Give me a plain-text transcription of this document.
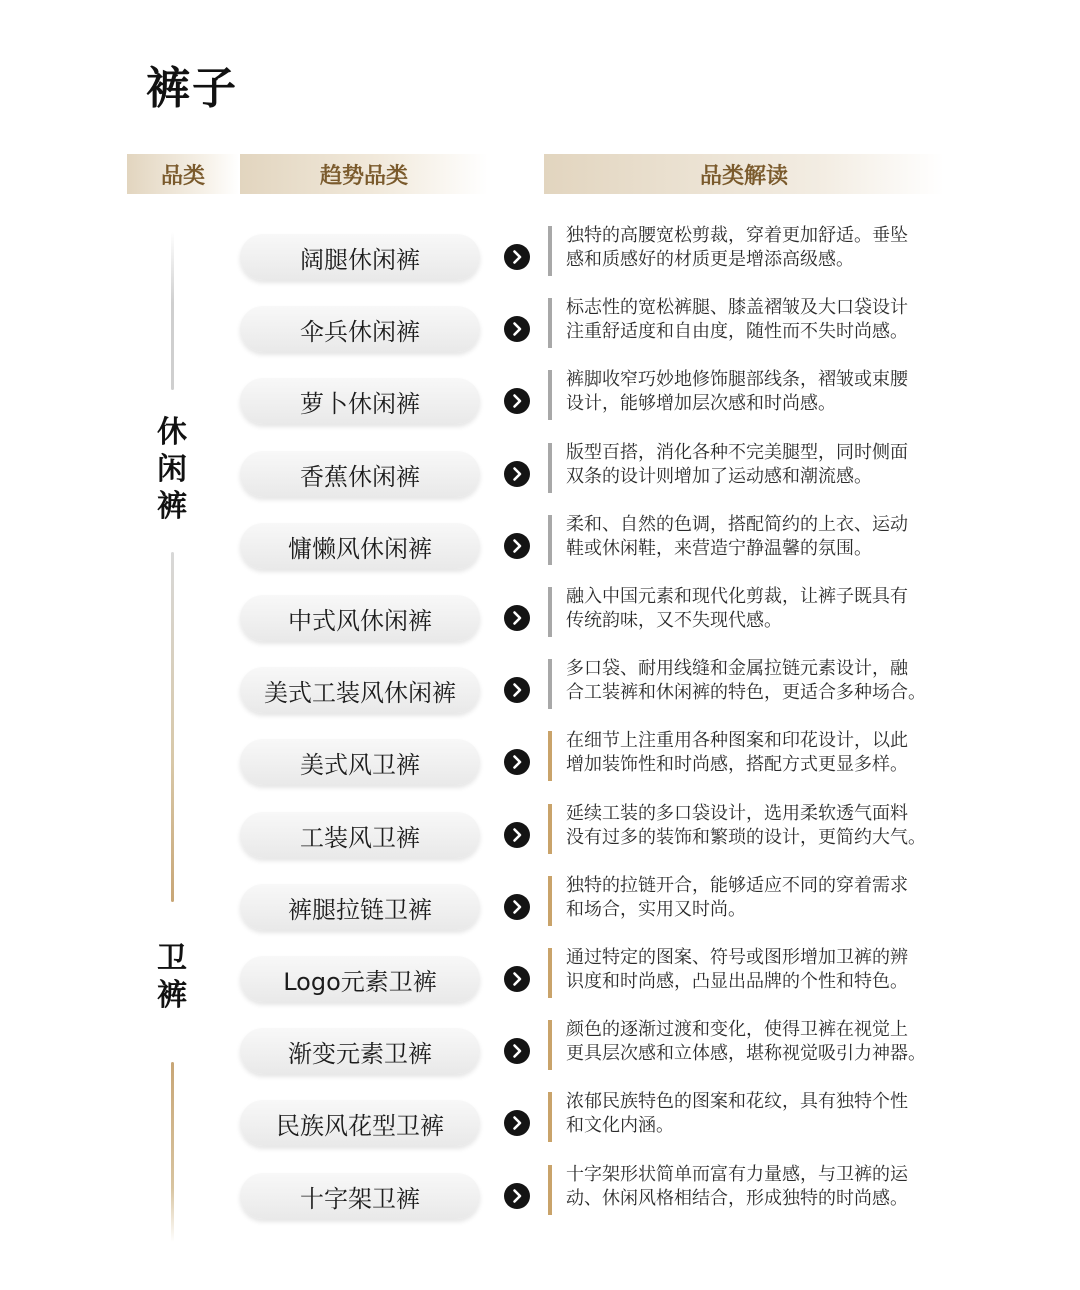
裤子
品类	趋势品类	品类解读
休
闲
裤
卫
裤
阔腿休闲裤
独特的高腰宽松剪裁，穿着更加舒适。垂坠
感和质感好的材质更是增添高级感。
伞兵休闲裤
标志性的宽松裤腿、膝盖褶皱及大口袋设计
注重舒适度和自由度，随性而不失时尚感。
萝卜休闲裤
裤脚收窄巧妙地修饰腿部线条，褶皱或束腰
设计，能够增加层次感和时尚感。
香蕉休闲裤
版型百搭，消化各种不完美腿型，同时侧面
双条的设计则增加了运动感和潮流感。
慵懒风休闲裤
柔和、自然的色调，搭配简约的上衣、运动
鞋或休闲鞋，来营造宁静温馨的氛围。
中式风休闲裤
融入中国元素和现代化剪裁，让裤子既具有
传统韵味，又不失现代感。
美式工装风休闲裤
多口袋、耐用线缝和金属拉链元素设计，融
合工装裤和休闲裤的特色，更适合多种场合。
美式风卫裤
在细节上注重用各种图案和印花设计，以此
增加装饰性和时尚感，搭配方式更显多样。
工装风卫裤
延续工装的多口袋设计，选用柔软透气面料
没有过多的装饰和繁琐的设计，更简约大气。
裤腿拉链卫裤
独特的拉链开合，能够适应不同的穿着需求
和场合，实用又时尚。
Logo元素卫裤
通过特定的图案、符号或图形增加卫裤的辨
识度和时尚感，凸显出品牌的个性和特色。
渐变元素卫裤
颜色的逐渐过渡和变化，使得卫裤在视觉上
更具层次感和立体感，堪称视觉吸引力神器。
民族风花型卫裤
浓郁民族特色的图案和花纹，具有独特个性
和文化内涵。
十字架卫裤
十字架形状简单而富有力量感，与卫裤的运
动、休闲风格相结合，形成独特的时尚感。
